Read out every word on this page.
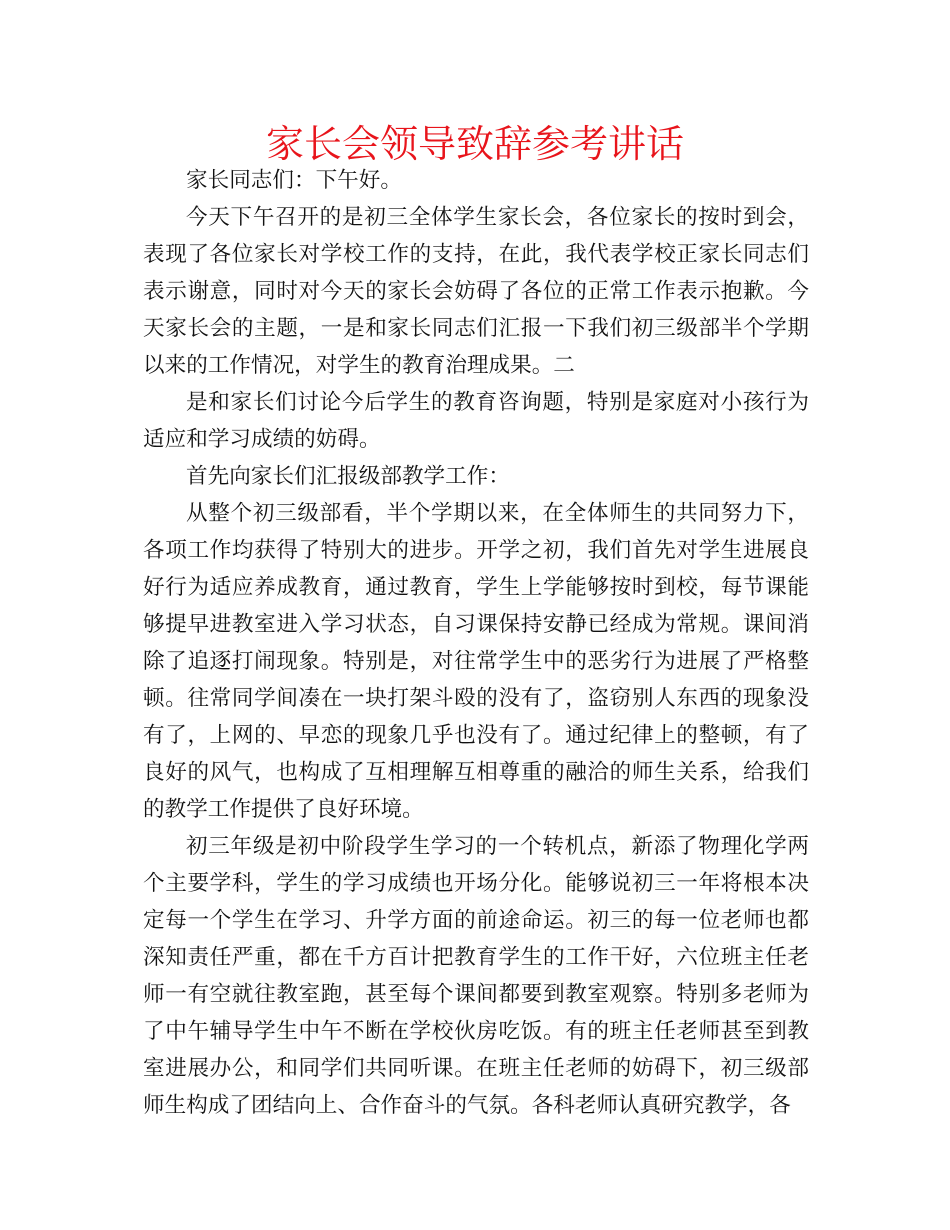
家长会领导致辞参考讲话

家长同志们：下午好。

今天下午召开的是初三全体学生家长会，各位家长的按时到会，表现了各位家长对学校工作的支持，在此，我代表学校正家长同志们表示谢意，同时对今天的家长会妨碍了各位的正常工作表示抱歉。今天家长会的主题，一是和家长同志们汇报一下我们初三级部半个学期以来的工作情况，对学生的教育治理成果。二

是和家长们讨论今后学生的教育咨询题，特别是家庭对小孩行为适应和学习成绩的妨碍。

首先向家长们汇报级部教学工作：

从整个初三级部看，半个学期以来，在全体师生的共同努力下，各项工作均获得了特别大的进步。开学之初，我们首先对学生进展良好行为适应养成教育，通过教育，学生上学能够按时到校，每节课能够提早进教室进入学习状态，自习课保持安静已经成为常规。课间消除了追逐打闹现象。特别是，对往常学生中的恶劣行为进展了严格整顿。往常同学间凑在一块打架斗殴的没有了，盗窃别人东西的现象没有了，上网的、早恋的现象几乎也没有了。通过纪律上的整顿，有了良好的风气，也构成了互相理解互相尊重的融洽的师生关系，给我们的教学工作提供了良好环境。

初三年级是初中阶段学生学习的一个转机点，新添了物理化学两个主要学科，学生的学习成绩也开场分化。能够说初三一年将根本决定每一个学生在学习、升学方面的前途命运。初三的每一位老师也都深知责任严重，都在千方百计把教育学生的工作干好，六位班主任老师一有空就往教室跑，甚至每个课间都要到教室观察。特别多老师为了中午辅导学生中午不断在学校伙房吃饭。有的班主任老师甚至到教室进展办公，和同学们共同听课。在班主任老师的妨碍下，初三级部师生构成了团结向上、合作奋斗的气氛。各科老师认真研究教学，各
